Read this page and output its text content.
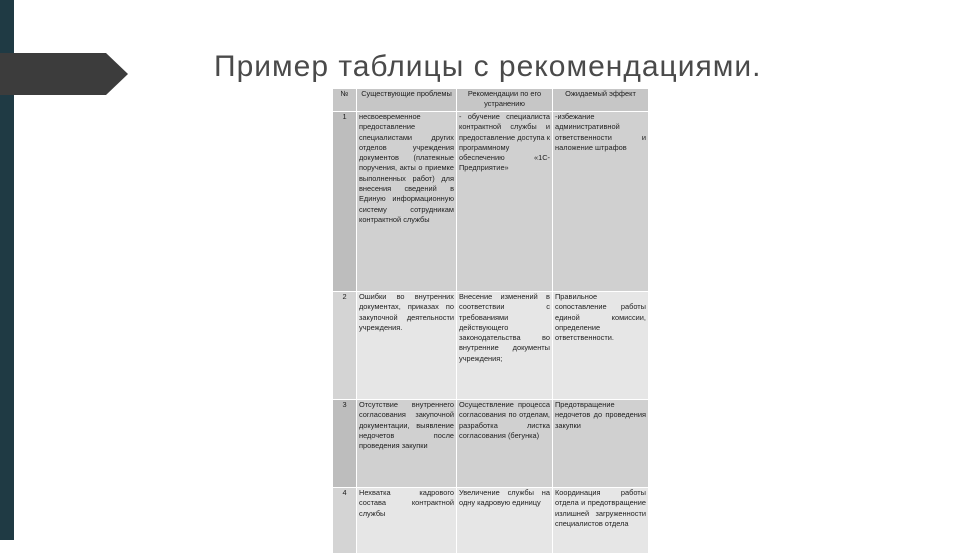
Пример таблицы с рекомендациями.
№	Существующие проблемы	Рекомендации по его устранению	Ожидаемый эффект
1	несвоевременное предоставление специалистами других отделов учреждения документов (платежные поручения, акты о приемке выполненных работ) для внесения сведений в Единую информационную систему сотрудникам контрактной службы	- обучение специалиста контрактной службы и предоставление доступа к программному обеспечению «1С-Предприятие»	-избежание административной ответственности и наложение штрафов
2	Ошибки во внутренних документах, приказах по закупочной деятельности учреждения.	Внесение изменений в соответствии с требованиями действующего законодательства во внутренние документы учреждения;	Правильное сопоставление работы единой комиссии, определение ответственности.
3	Отсутствие внутреннего согласования закупочной документации, выявление недочетов после проведения закупки	Осуществление процесса согласования по отделам, разработка листка согласования (бегунка)	Предотвращение недочетов до проведения закупки
4	Нехватка кадрового состава контрактной службы	Увеличение службы на одну кадровую единицу	Координация работы отдела и предотвращение излишней загруженности специалистов отдела
